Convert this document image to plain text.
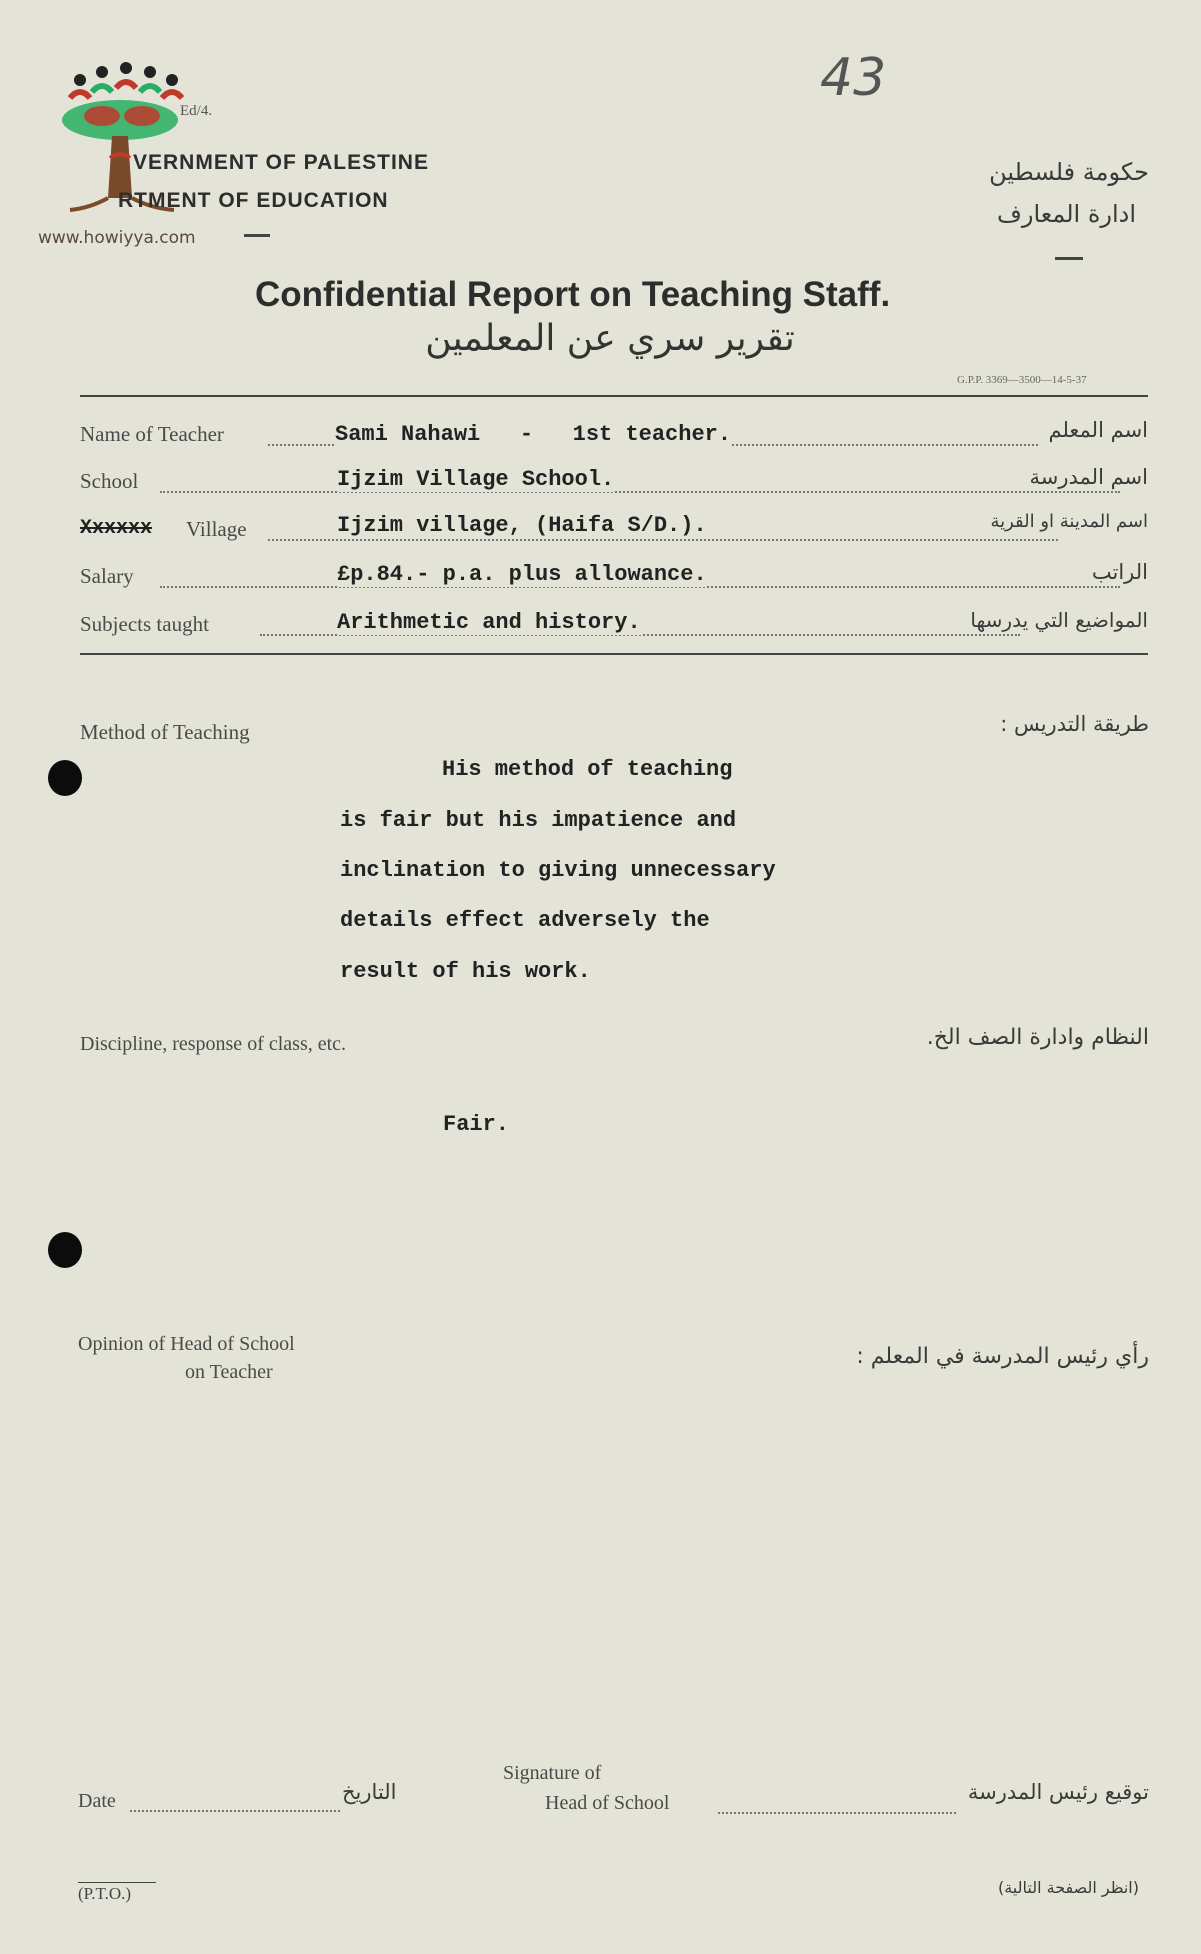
43
www.howiyya.com
Ed/4.
VERNMENT OF PALESTINE
RTMENT OF EDUCATION
حكومة فلسطين
ادارة المعارف
Confidential Report on Teaching Staff.
تقرير سري عن المعلمين
G.P.P. 3369—3500—14-5-37
Name of Teacher	Sami Nahawi   -   1st teacher.	اسم المعلم
School	Ijzim Village School.	اسم المدرسة
Xxxxxx Village	Ijzim village, (Haifa S/D.).	اسم المدينة او القرية
Salary	£p.84.- p.a. plus allowance.	الراتب
Subjects taught	Arithmetic and history.	المواضيع التي يدرسها
Method of Teaching	طريقة التدريس :
His method of teaching
is fair but his impatience and
inclination to giving unnecessary
details effect adversely the
result of his work.
Discipline, response of class, etc.	النظام وادارة الصف الخ.
Fair.
Opinion of Head of School
on Teacher
رأي رئيس المدرسة في المعلم :
Signature of
Date	التاريخ	Head of School	توقيع رئيس المدرسة
(P.T.O.)	(انظر الصفحة التالية)
